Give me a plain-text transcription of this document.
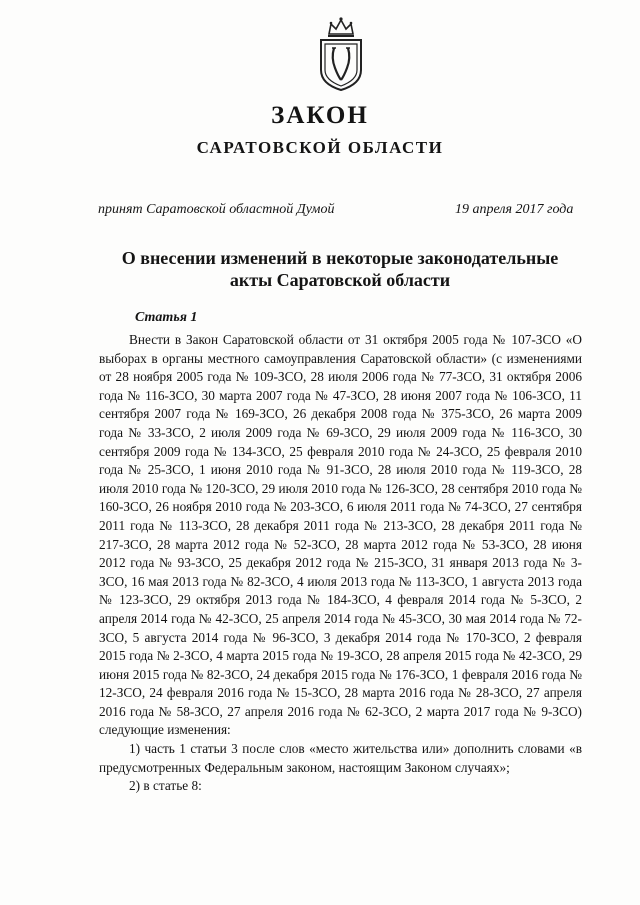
ЗАКОН
САРАТОВСКОЙ ОБЛАСТИ
принят Саратовской областной Думой	19 апреля 2017 года
О внесении изменений в некоторые законодательные
акты Саратовской области
Статья 1

Внести в Закон Саратовской области от 31 октября 2005 года № 107-ЗСО «О выборах в органы местного самоуправления Саратовской области» (с изменениями от 28 ноября 2005 года № 109-ЗСО, 28 июля 2006 года № 77-ЗСО, 31 октября 2006 года № 116-ЗСО, 30 марта 2007 года № 47-ЗСО, 28 июня 2007 года № 106-ЗСО, 11 сентября 2007 года № 169-ЗСО, 26 декабря 2008 года № 375-ЗСО, 26 марта 2009 года № 33-ЗСО, 2 июля 2009 года № 69-ЗСО, 29 июля 2009 года № 116-ЗСО, 30 сентября 2009 года № 134-ЗСО, 25 февраля 2010 года № 24-ЗСО, 25 февраля 2010 года № 25-ЗСО, 1 июня 2010 года № 91-ЗСО, 28 июля 2010 года № 119-ЗСО, 28 июля 2010 года № 120-ЗСО, 29 июля 2010 года № 126-ЗСО, 28 сентября 2010 года № 160-ЗСО, 26 ноября 2010 года № 203-ЗСО, 6 июля 2011 года № 74-ЗСО, 27 сентября 2011 года № 113-ЗСО, 28 декабря 2011 года № 213-ЗСО, 28 декабря 2011 года № 217-ЗСО, 28 марта 2012 года № 52-ЗСО, 28 марта 2012 года № 53-ЗСО, 28 июня 2012 года № 93-ЗСО, 25 декабря 2012 года № 215-ЗСО, 31 января 2013 года № 3-ЗСО, 16 мая 2013 года № 82-ЗСО, 4 июля 2013 года № 113-ЗСО, 1 августа 2013 года № 123-ЗСО, 29 октября 2013 года № 184-ЗСО, 4 февраля 2014 года № 5-ЗСО, 2 апреля 2014 года № 42-ЗСО, 25 апреля 2014 года № 45-ЗСО, 30 мая 2014 года № 72-ЗСО, 5 августа 2014 года № 96-ЗСО, 3 декабря 2014 года № 170-ЗСО, 2 февраля 2015 года № 2-ЗСО, 4 марта 2015 года № 19-ЗСО, 28 апреля 2015 года № 42-ЗСО, 29 июня 2015 года № 82-ЗСО, 24 декабря 2015 года № 176-ЗСО, 1 февраля 2016 года № 12-ЗСО, 24 февраля 2016 года № 15-ЗСО, 28 марта 2016 года № 28-ЗСО, 27 апреля 2016 года № 58-ЗСО, 27 апреля 2016 года № 62-ЗСО, 2 марта 2017 года № 9-ЗСО) следующие изменения:

1) часть 1 статьи 3 после слов «место жительства или» дополнить словами «в предусмотренных Федеральным законом, настоящим Законом случаях»;

2) в статье 8:
